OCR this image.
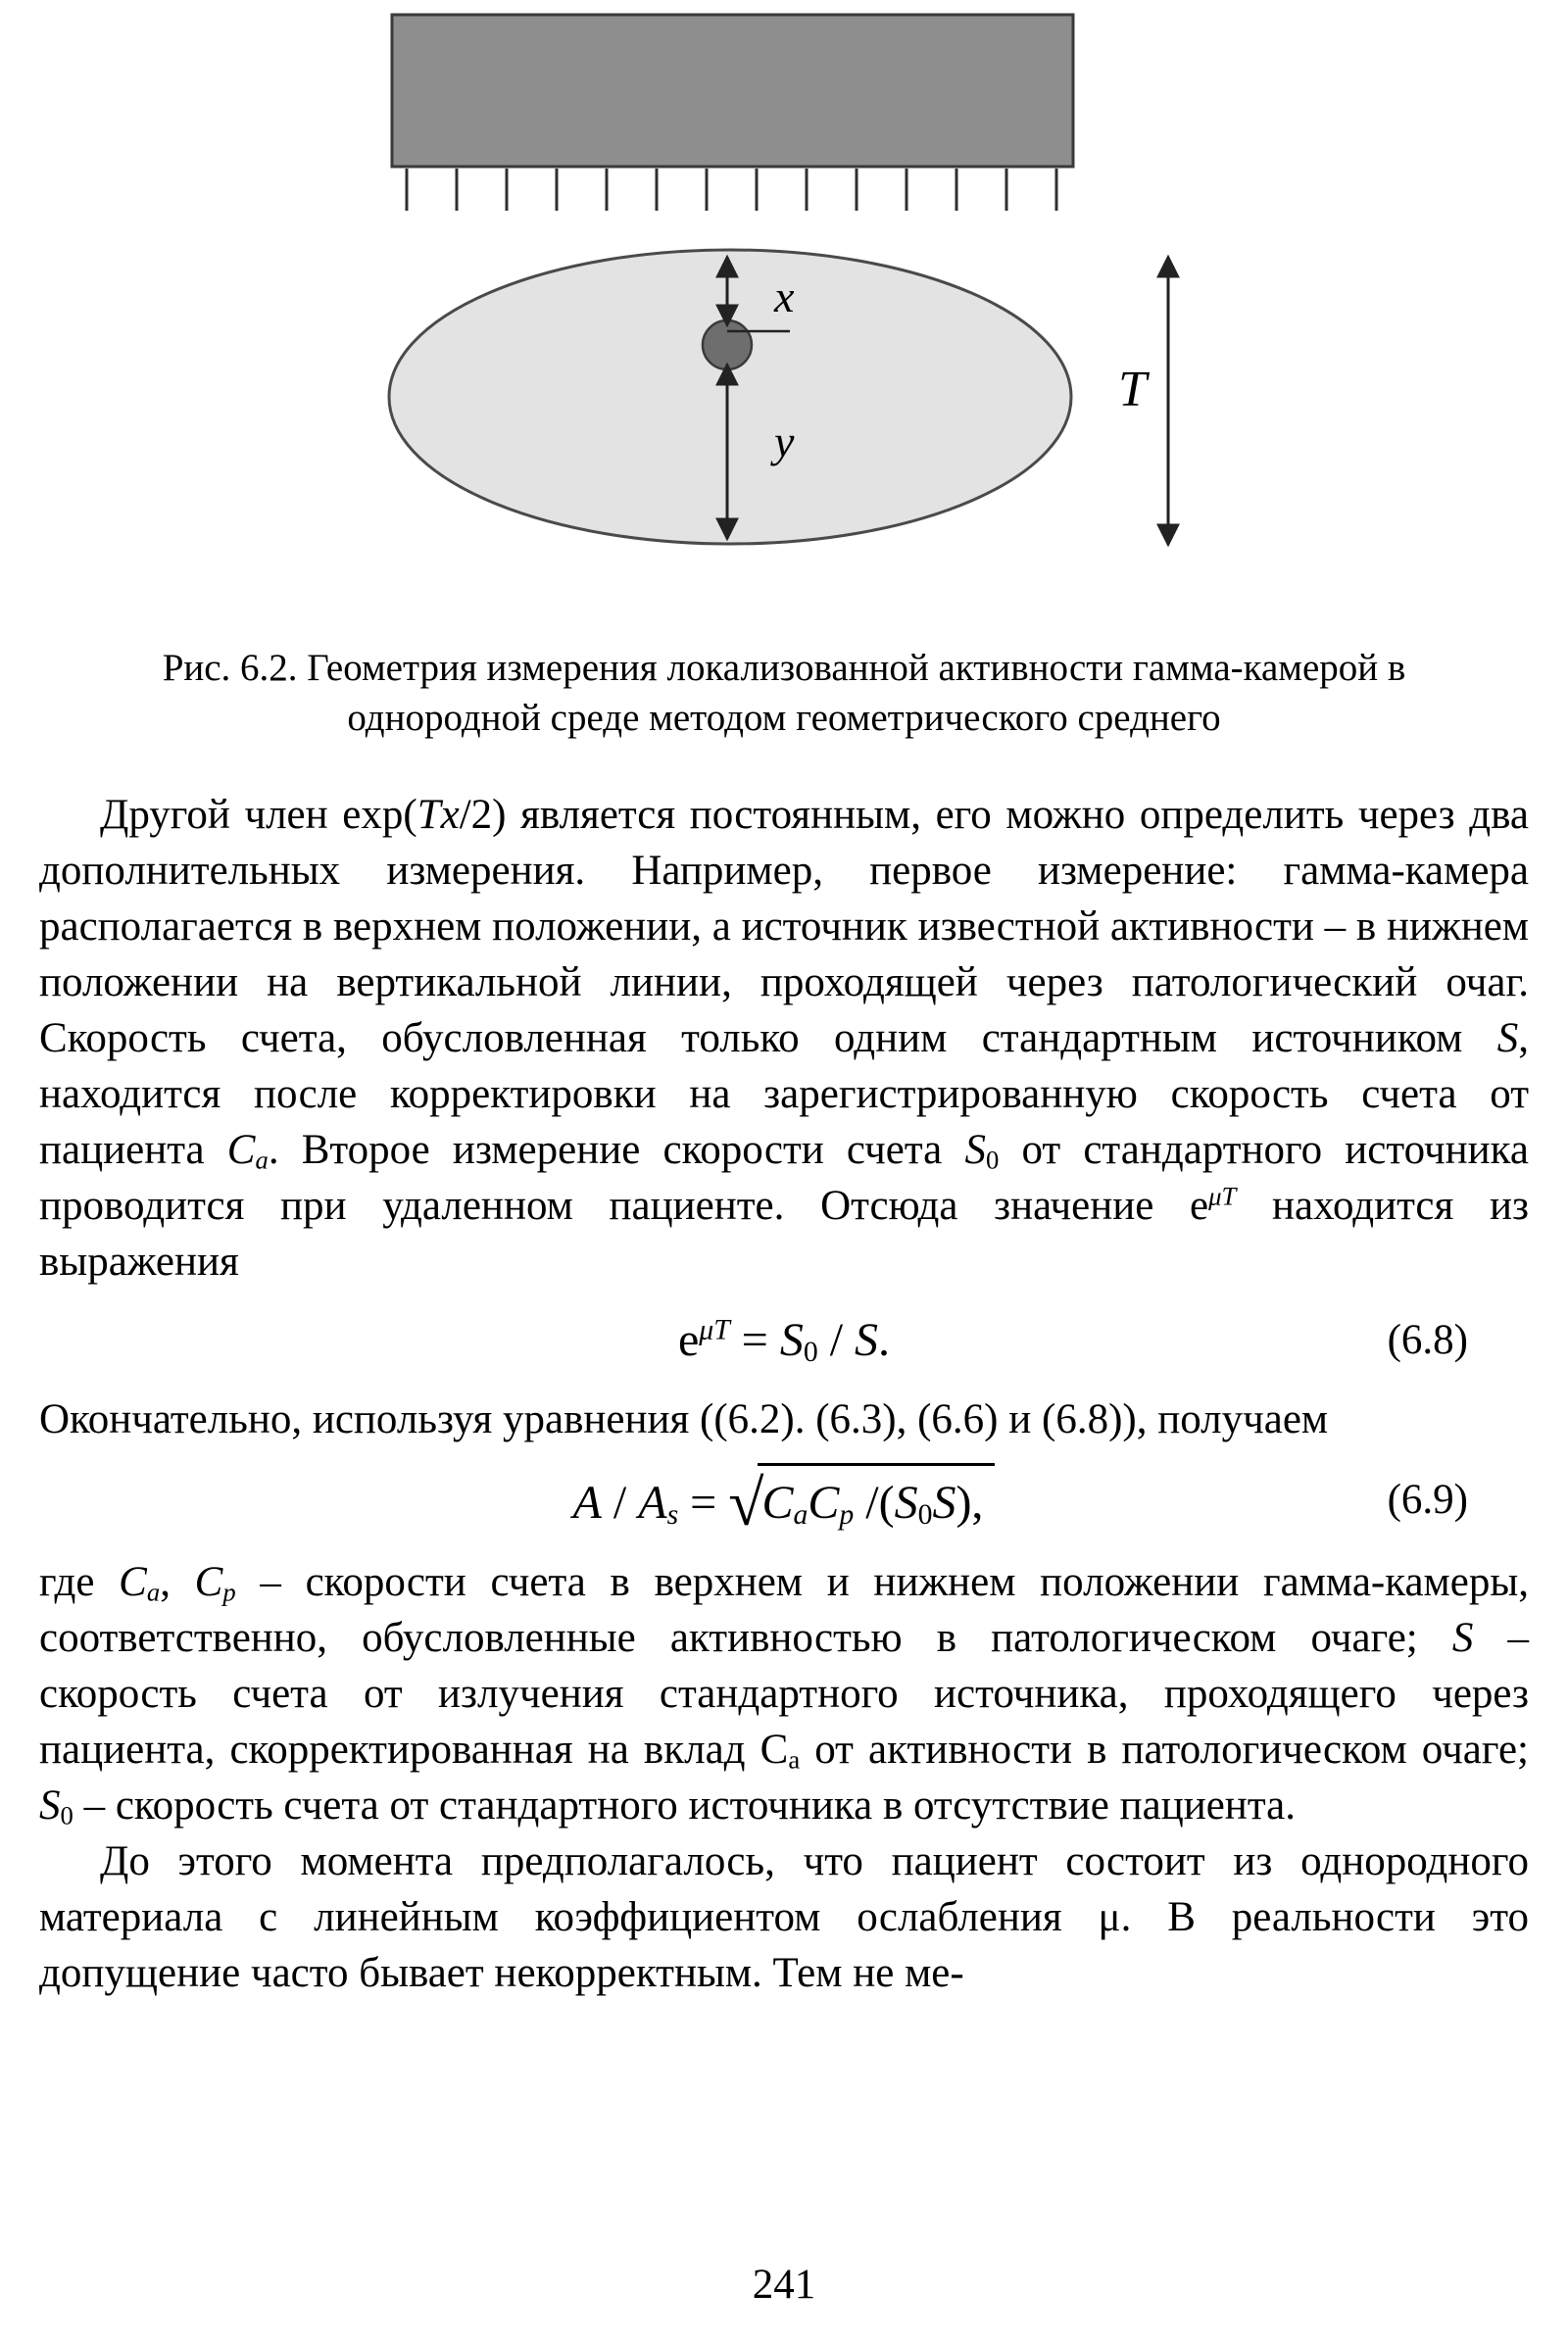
x
y
T
Рис. 6.2. Геометрия измерения локализованной активности гамма-камерой в однородной среде методом геометрического среднего

Другой член exp(Tx/2) является постоянным, его можно определить через два дополнительных измерения. Например, первое измерение: гамма-камера располагается в верхнем положении, а источник известной активности – в нижнем положении на вертикальной линии, проходящей через патологический очаг. Скорость счета, обусловленная только одним стандартным источником S, находится после корректировки на зарегистрированную скорость счета от пациента $C_a$. Второе измерение скорости счета $S_0$ от стандартного источника проводится при удаленном пациенте. Отсюда значение $е^{\mu T}$ находится из выражения

$е^{\mu T} = S_0 / S$.	(6.8)

Окончательно, используя уравнения ((6.2). (6.3), (6.6) и (6.8)), получаем

$A / A_s = √C_aC_p$ $/(S_0S)$,	(6.9)

где $C_a$, $C_p$ – скорости счета в верхнем и нижнем положении гамма-камеры, соответственно, обусловленные активностью в патологическом очаге; S – скорость счета от излучения стандартного источника, проходящего через пациента, скорректированная на вклад $С_а$ от активности в патологическом очаге; $S_0$ – скорость счета от стандартного источника в отсутствие пациента.

До этого момента предполагалось, что пациент состоит из однородного материала с линейным коэффициентом ослабления μ. В реальности это допущение часто бывает некорректным. Тем не ме-

241
